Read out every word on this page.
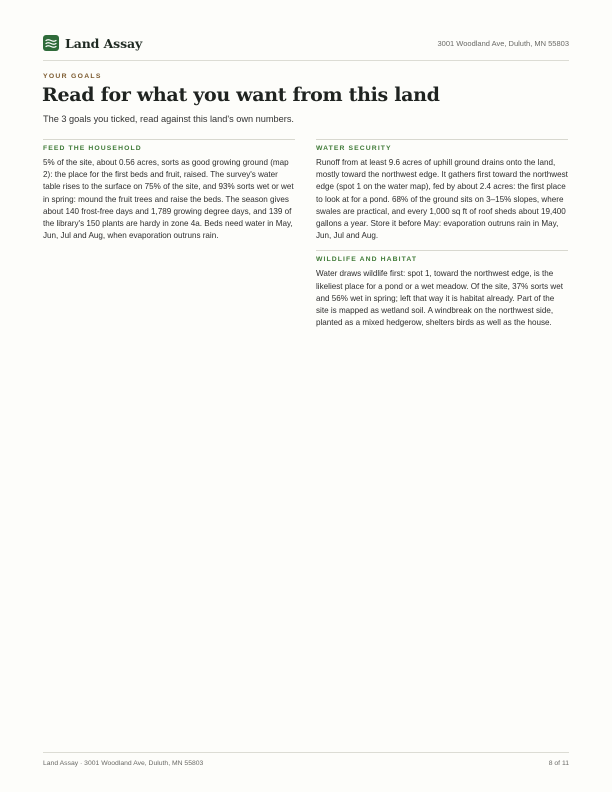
Land Assay	3001 Woodland Ave, Duluth, MN 55803
YOUR GOALS
Read for what you want from this land
The 3 goals you ticked, read against this land's own numbers.
FEED THE HOUSEHOLD
5% of the site, about 0.56 acres, sorts as good growing ground (map 2): the place for the first beds and fruit, raised. The survey's water table rises to the surface on 75% of the site, and 93% sorts wet or wet in spring: mound the fruit trees and raise the beds. The season gives about 140 frost-free days and 1,789 growing degree days, and 139 of the library's 150 plants are hardy in zone 4a. Beds need water in May, Jun, Jul and Aug, when evaporation outruns rain.
WATER SECURITY
Runoff from at least 9.6 acres of uphill ground drains onto the land, mostly toward the northwest edge. It gathers first toward the northwest edge (spot 1 on the water map), fed by about 2.4 acres: the first place to look at for a pond. 68% of the ground sits on 3–15% slopes, where swales are practical, and every 1,000 sq ft of roof sheds about 19,400 gallons a year. Store it before May: evaporation outruns rain in May, Jun, Jul and Aug.
WILDLIFE AND HABITAT
Water draws wildlife first: spot 1, toward the northwest edge, is the likeliest place for a pond or a wet meadow. Of the site, 37% sorts wet and 56% wet in spring; left that way it is habitat already. Part of the site is mapped as wetland soil. A windbreak on the northwest side, planted as a mixed hedgerow, shelters birds as well as the house.
Land Assay · 3001 Woodland Ave, Duluth, MN 55803	8 of 11
